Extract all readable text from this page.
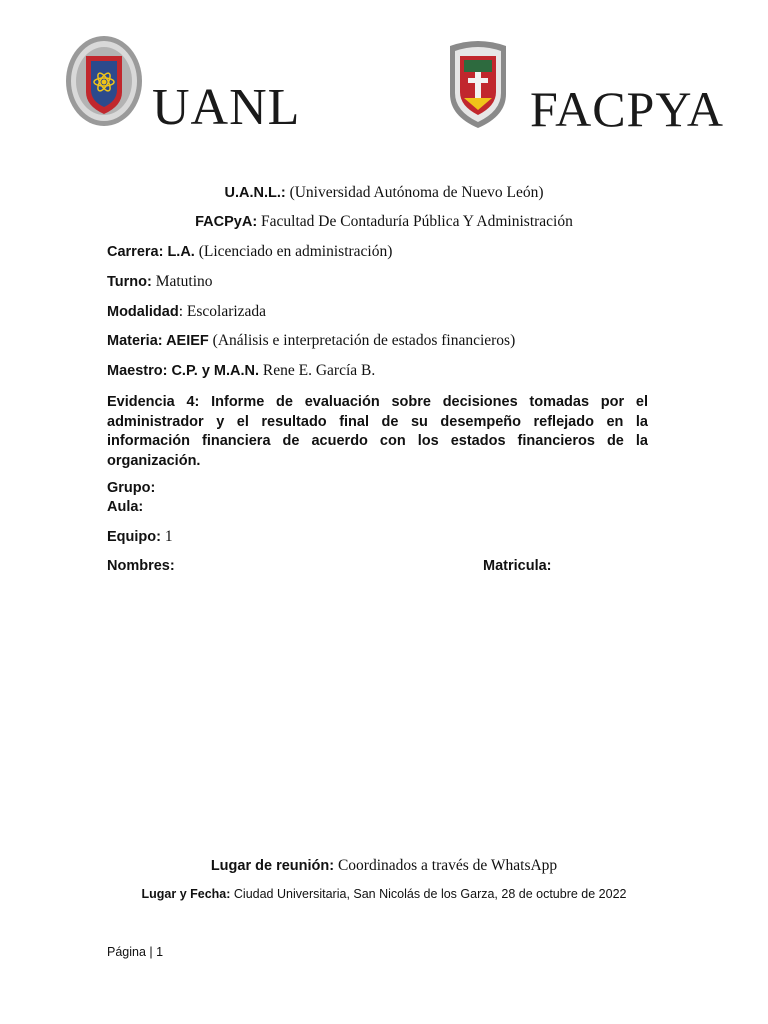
UANL	FACPYA
U.A.N.L.: (Universidad Autónoma de Nuevo León)
FACPyA: Facultad De Contaduría Pública Y Administración
Carrera: L.A. (Licenciado en administración)
Turno: Matutino
Modalidad: Escolarizada
Materia: AEIEF (Análisis e interpretación de estados financieros)
Maestro: C.P. y M.A.N. Rene E. García B.
Evidencia 4: Informe de evaluación sobre decisiones tomadas por el administrador y el resultado final de su desempeño reflejado en la información financiera de acuerdo con los estados financieros de la organización.
Grupo:
Aula:
Equipo: 1
Nombres:	Matricula:
Lugar de reunión: Coordinados a través de WhatsApp
Lugar y Fecha: Ciudad Universitaria, San Nicolás de los Garza, 28 de octubre de 2022
Página | 1
